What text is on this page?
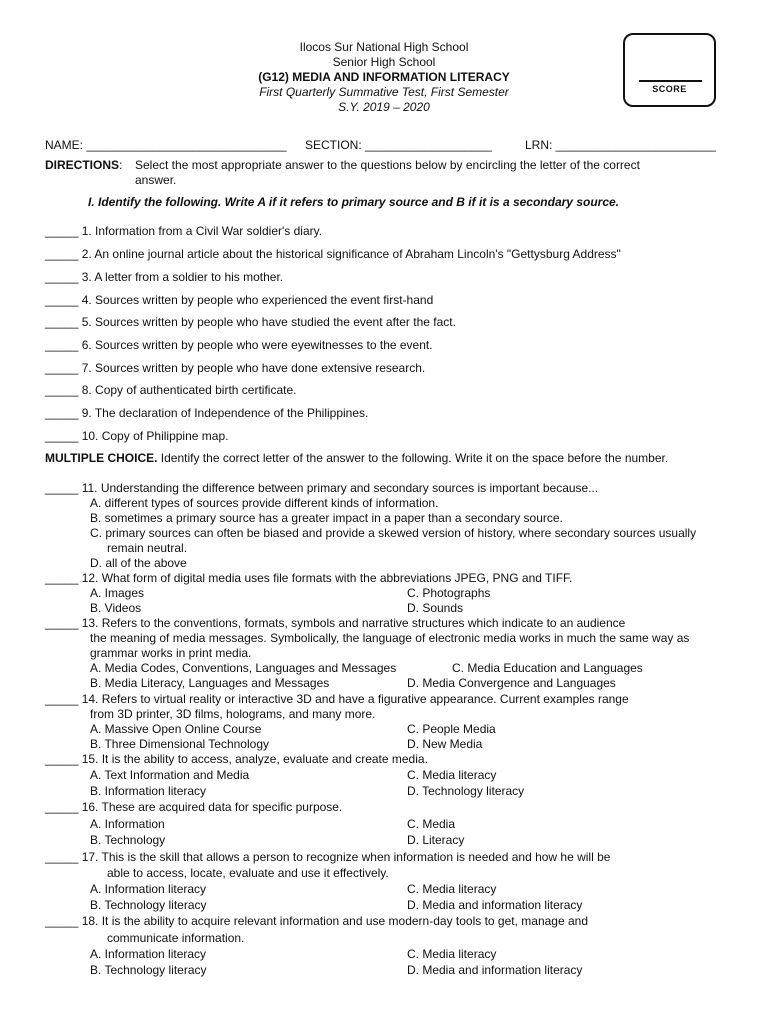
Ilocos Sur National High School
Senior High School
(G12) MEDIA AND INFORMATION LITERACY
First Quarterly Summative Test, First Semester
S.Y. 2019 – 2020
SCORE
NAME: ______________________________ SECTION: ___________________	LRN: ________________________
DIRECTIONS: Select the most appropriate answer to the questions below by encircling the letter of the correct
answer.
I. Identify the following. Write A if it refers to primary source and B if it is a secondary source.
_____ 1. Information from a Civil War soldier's diary.
_____ 2. An online journal article about the historical significance of Abraham Lincoln's "Gettysburg Address"
_____ 3. A letter from a soldier to his mother.
_____ 4. Sources written by people who experienced the event first-hand
_____ 5. Sources written by people who have studied the event after the fact.
_____ 6. Sources written by people who were eyewitnesses to the event.
_____ 7. Sources written by people who have done extensive research.
_____ 8. Copy of authenticated birth certificate.
_____ 9. The declaration of Independence of the Philippines.
_____ 10. Copy of Philippine map.
MULTIPLE CHOICE. Identify the correct letter of the answer to the following. Write it on the space before the number.
_____ 11. Understanding the difference between primary and secondary sources is important because...
A. different types of sources provide different kinds of information.
B. sometimes a primary source has a greater impact in a paper than a secondary source.
C. primary sources can often be biased and provide a skewed version of history, where secondary sources usually
remain neutral.
D. all of the above
_____ 12. What form of digital media uses file formats with the abbreviations JPEG, PNG and TIFF.
A. Images	C. Photographs
B. Videos	D. Sounds
_____ 13. Refers to the conventions, formats, symbols and narrative structures which indicate to an audience
the meaning of media messages. Symbolically, the language of electronic media works in much the same way as
grammar works in print media.
A. Media Codes, Conventions, Languages and Messages	C. Media Education and Languages
B. Media Literacy, Languages and Messages	D. Media Convergence and Languages
_____ 14. Refers to virtual reality or interactive 3D and have a figurative appearance. Current examples range
from 3D printer, 3D films, holograms, and many more.
A. Massive Open Online Course	C. People Media
B. Three Dimensional Technology	D. New Media
_____ 15. It is the ability to access, analyze, evaluate and create media.
A. Text Information and Media	C. Media literacy
B. Information literacy	D. Technology literacy
_____ 16. These are acquired data for specific purpose.
A. Information	C. Media
B. Technology	D. Literacy
_____ 17. This is the skill that allows a person to recognize when information is needed and how he will be
able to access, locate, evaluate and use it effectively.
A. Information literacy	C. Media literacy
B. Technology literacy	D. Media and information literacy
_____ 18. It is the ability to acquire relevant information and use modern-day tools to get, manage and
communicate information.
A. Information literacy	C. Media literacy
B. Technology literacy	D. Media and information literacy
